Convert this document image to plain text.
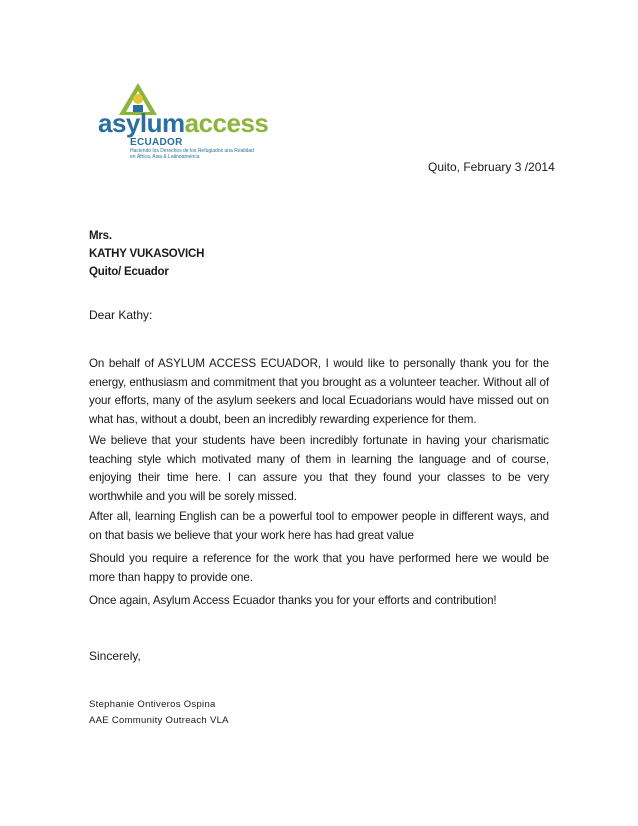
asylumaccess
ECUADOR
Haciendo los Derechos de los Refugiados una Realidad en África, Asia & Latinoamérica
Quito, February 3 /2014
Mrs.
KATHY VUKASOVICH
Quito/ Ecuador
Dear Kathy:

On behalf of ASYLUM ACCESS ECUADOR, I would like to personally thank you for the energy, enthusiasm and commitment that you brought as a volunteer teacher. Without all of your efforts, many of the asylum seekers and local Ecuadorians would have missed out on what has, without a doubt, been an incredibly rewarding experience for them.

We believe that your students have been incredibly fortunate in having your charismatic teaching style which motivated many of them in learning the language and of course, enjoying their time here. I can assure you that they found your classes to be very worthwhile and you will be sorely missed.

After all, learning English can be a powerful tool to empower people in different ways, and on that basis we believe that your work here has had great value

Should you require a reference for the work that you have performed here we would be more than happy to provide one.

Once again, Asylum Access Ecuador thanks you for your efforts and contribution!

Sincerely,
Stephanie Ontiveros Ospina
AAE Community Outreach VLA
